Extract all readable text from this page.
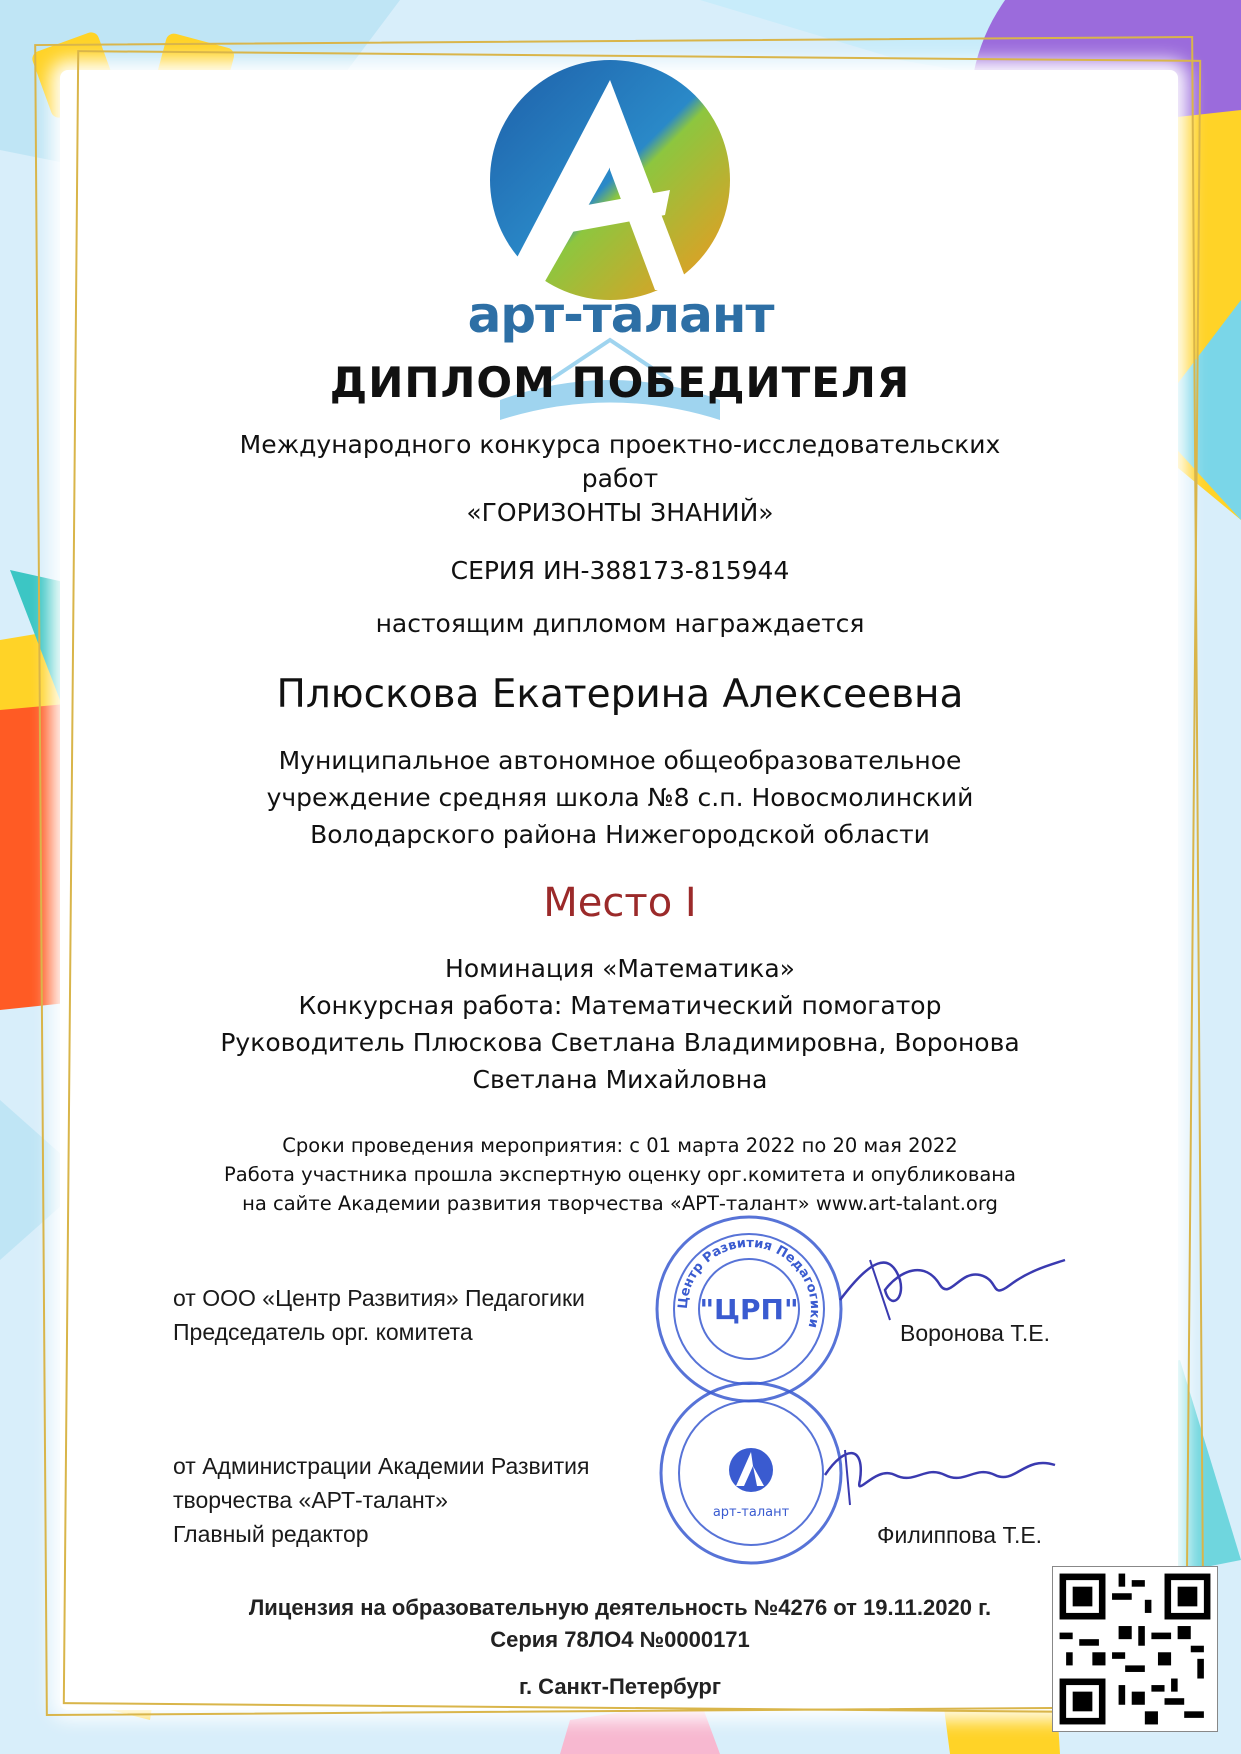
арт-талант
ДИПЛОМ ПОБЕДИТЕЛЯ
Международного конкурса проектно-исследовательских
работ
«ГОРИЗОНТЫ ЗНАНИЙ»
СЕРИЯ ИН-388173-815944
настоящим дипломом награждается
Плюскова Екатерина Алексеевна
Муниципальное автономное общеобразовательное
учреждение средняя школа №8 с.п. Новосмолинский
Володарского района Нижегородской области
Место I
Номинация «Математика»
Конкурсная работа: Математический помогатор
Руководитель Плюскова Светлана Владимировна, Воронова
Светлана Михайловна
Сроки проведения мероприятия: с 01 марта 2022 по 20 мая 2022
Работа участника прошла экспертную оценку орг.комитета и опубликована
на сайте Академии развития творчества «АРТ-талант» www.art-talant.org
от ООО «Центр Развития» Педагогики
Председатель орг. комитета	Воронова Т.Е.
от Администрации Академии Развития
творчества «АРТ-талант»
Главный редактор	Филиппова Т.Е.
Центр Развития Педагогики
"ЦРП"
арт-талант
Лицензия на образовательную деятельность №4276 от 19.11.2020 г.
Серия 78ЛО4 №0000171
г. Санкт-Петербург
